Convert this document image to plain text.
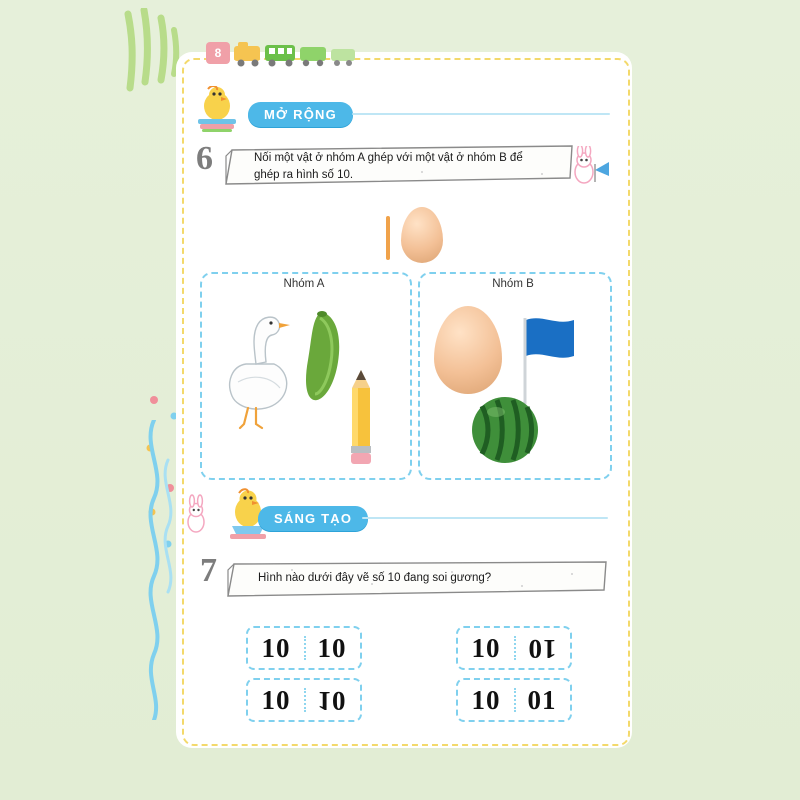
8
MỞ RỘNG
6	Nối một vật ở nhóm A ghép với một vật ở nhóm B để ghép ra hình số 10.
Nhóm A	Nhóm B
SÁNG TẠO
7	Hình nào dưới đây vẽ số 10 đang soi gương?
10	10	10	10
10	10	10	01
